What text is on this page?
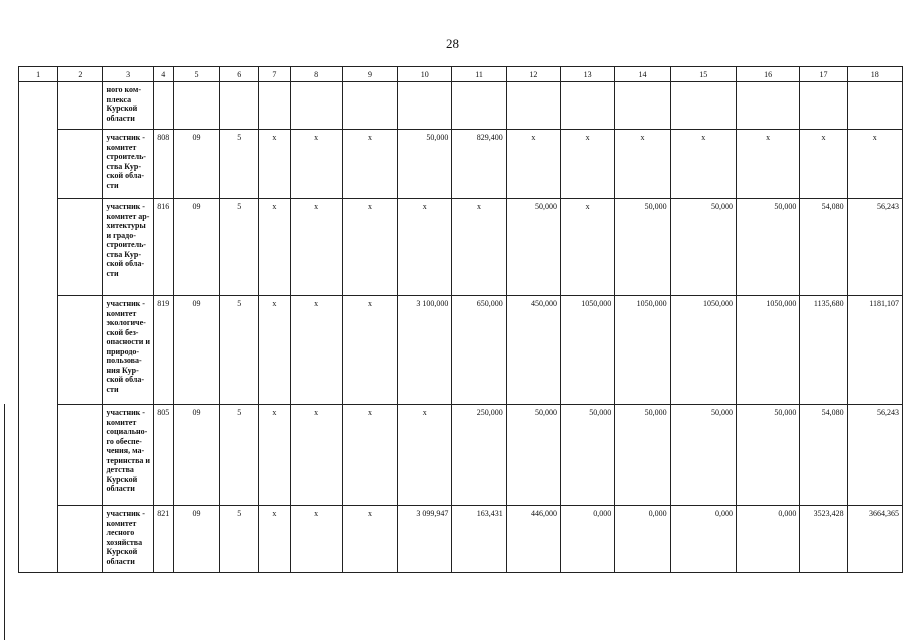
28
1	2	3	4	5	6	7	8	9	10	11	12	13	14	15	16	17	18
		ного ком-плекса Курской области															
		участник - комитет строитель-ства Кур-ской обла-сти	808	09	5	x	x	x	50,000	829,400	x	x	x	x	x	x	x
		участник - комитет ар-хитектуры и градо-строитель-ства Кур-ской обла-сти	816	09	5	x	x	x	x	x	50,000	x	50,000	50,000	50,000	54,080	56,243
		участник - комитет экологиче-ской без-опасности и природо-пользова-ния Кур-ской обла-сти	819	09	5	x	x	x	3 100,000	650,000	450,000	1050,000	1050,000	1050,000	1050,000	1135,680	1181,107
		участник - комитет социально-го обеспе-чения, ма-теринства и детства Курской области	805	09	5	x	x	x	x	250,000	50,000	50,000	50,000	50,000	50,000	54,080	56,243
		участник - комитет лесного хозяйства Курской области	821	09	5	x	x	x	3 099,947	163,431	446,000	0,000	0,000	0,000	0,000	3523,428	3664,365
